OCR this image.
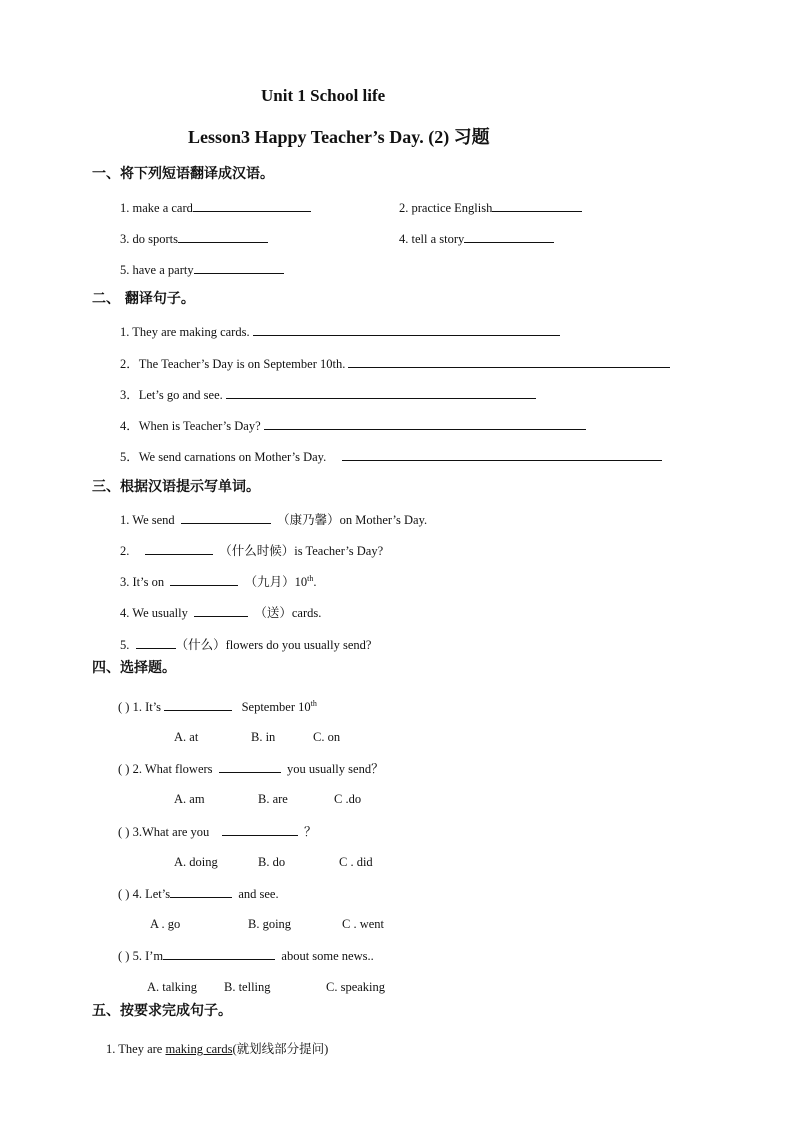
Unit 1 School life
Lesson3 Happy Teacher’s Day. (2) 习题
一、将下列短语翻译成汉语。
1. make a card	2. practice English
3. do sports	4. tell a story
5. have a party
二、 翻译句子。
1. They are making cards.
2．The Teacher’s Day is on September 10th.
3．Let’s go and see.
4．When is Teacher’s Day?
5．We send carnations on Mother’s Day.
三、根据汉语提示写单词。
1. We send	（康乃馨）on Mother’s Day.
2.	（什么时候）is Teacher’s Day?
3. It’s on	（九月）10th.
4. We usually	（送）cards.
5.	（什么）flowers do you usually send?
四、选择题。
( ) 1. It’s	September 10th
A. at	B. in	C. on
( ) 2. What flowers	you usually send？
A. am	B. are	C .do
( ) 3.What are you	？
A. doing	B. do	C . did
( ) 4. Let’s	and see.
A . go	B. going	C . went
( ) 5. I’m	about some news..
A. talking B. telling	C. speaking
五、按要求完成句子。
1. They are making cards(就划线部分提问)
